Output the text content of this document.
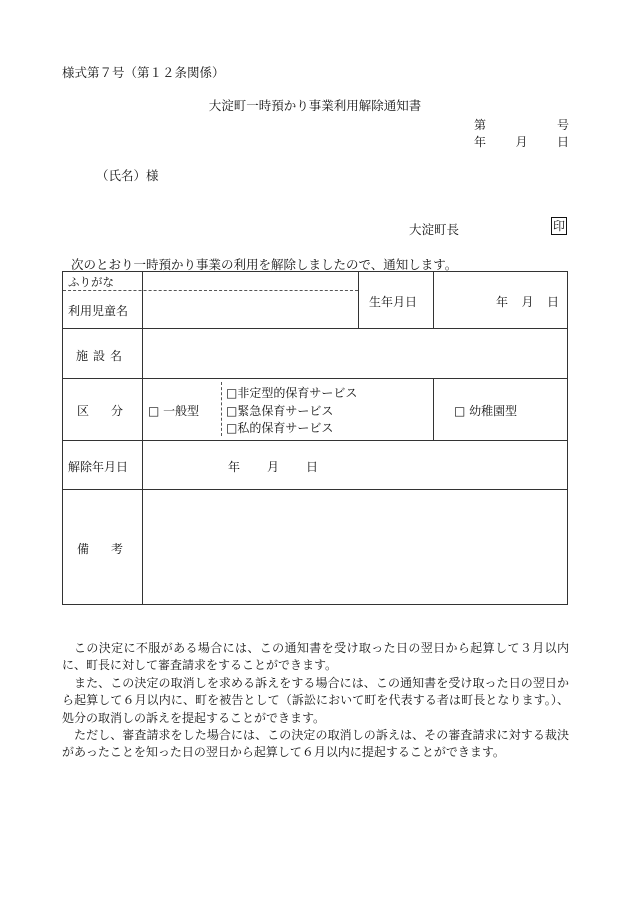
様式第７号（第１２条関係）
大淀町一時預かり事業利用解除通知書
第	号
年 月 日
（氏名）様
大淀町長	印
次のとおり一時預かり事業の利用を解除しましたので、通知します。
ふりがな
利用児童名
生年月日	年 月 日
施設名
区分 □ 一般型
□非定型的保育サービス
□緊急保育サービス
□私的保育サービス
□ 幼稚園型
解除年月日	年 月 日
備考

この決定に不服がある場合には、この通知書を受け取った日の翌日から起算して３月以内に、町長に対して審査請求をすることができます。

また、この決定の取消しを求める訴えをする場合には、この通知書を受け取った日の翌日から起算して６月以内に、町を被告として（訴訟において町を代表する者は町長となります。）、処分の取消しの訴えを提起することができます。

ただし、審査請求をした場合には、この決定の取消しの訴えは、その審査請求に対する裁決があったことを知った日の翌日から起算して６月以内に提起することができます。
